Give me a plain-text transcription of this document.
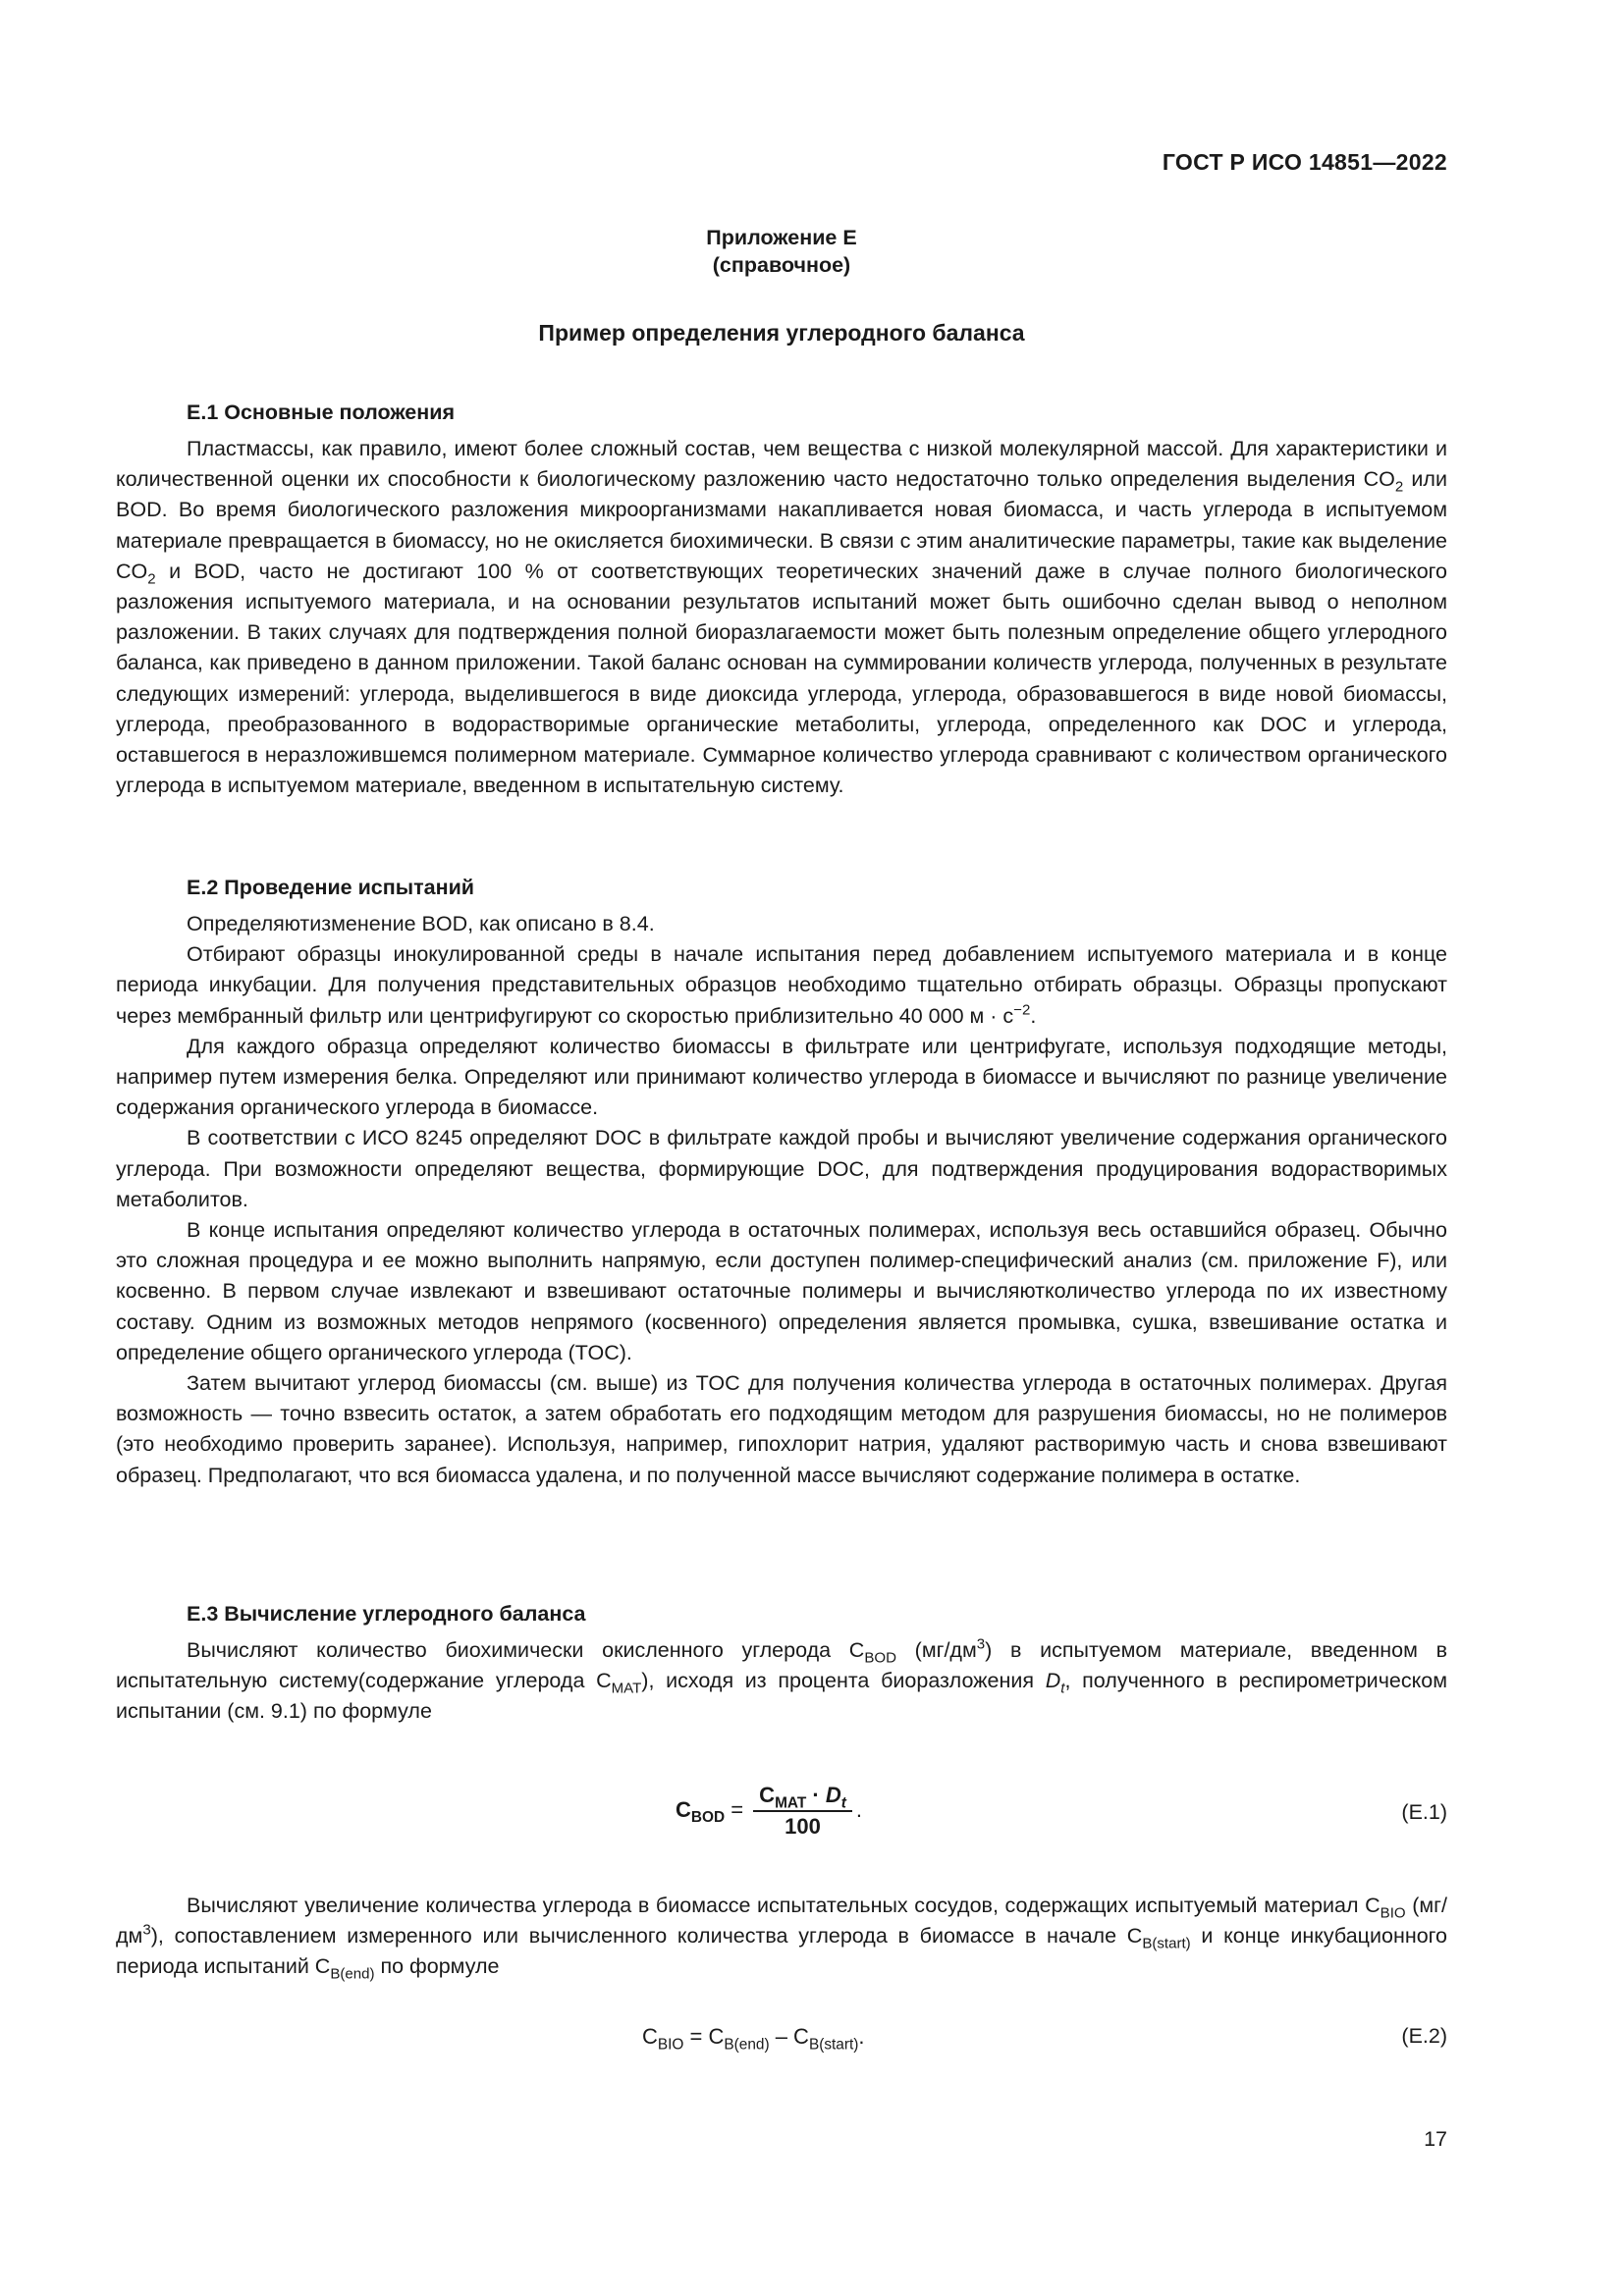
ГОСТ Р ИСО 14851—2022
Приложение Е
(справочное)
Пример определения углеродного баланса
Е.1 Основные положения

Пластмассы, как правило, имеют более сложный состав, чем вещества с низкой молекулярной массой. Для характеристики и количественной оценки их способности к биологическому разложению часто недостаточно только определения выделения $CO_2$ или BOD. Во время биологического разложения микроорганизмами накапливается новая биомасса, и часть углерода в испытуемом материале превращается в биомассу, но не окисляется биохимически. В связи с этим аналитические параметры, такие как выделение $CO_2$ и BOD, часто не достигают 100 % от соответствующих теоретических значений даже в случае полного биологического разложения испытуемого материала, и на основании результатов испытаний может быть ошибочно сделан вывод о неполном разложении. В таких случаях для подтверждения полной биоразлагаемости может быть полезным определение общего углеродного баланса, как приведено в данном приложении. Такой баланс основан на суммировании количеств углерода, полученных в результате следующих измерений: углерода, выделившегося в виде диоксида углерода, углерода, образовавшегося в виде новой биомассы, углерода, преобразованного в водорастворимые органические метаболиты, углерода, определенного как DOC и углерода, оставшегося в неразложившемся полимерном материале. Суммарное количество углерода сравнивают с количеством органического углерода в испытуемом материале, введенном в испытательную систему.

Е.2 Проведение испытаний

Определяютизменение BOD, как описано в 8.4.

Отбирают образцы инокулированной среды в начале испытания перед добавлением испытуемого материала и в конце периода инкубации. Для получения представительных образцов необходимо тщательно отбирать образцы. Образцы пропускают через мембранный фильтр или центрифугируют со скоростью приблизительно 40 000 $м \cdot с^{-2}$.

Для каждого образца определяют количество биомассы в фильтрате или центрифугате, используя подходящие методы, например путем измерения белка. Определяют или принимают количество углерода в биомассе и вычисляют по разнице увеличение содержания органического углерода в биомассе.

В соответствии с ИСО 8245 определяют DOC в фильтрате каждой пробы и вычисляют увеличение содержания органического углерода. При возможности определяют вещества, формирующие DOC, для подтверждения продуцирования водорастворимых метаболитов.

В конце испытания определяют количество углерода в остаточных полимерах, используя весь оставшийся образец. Обычно это сложная процедура и ее можно выполнить напрямую, если доступен полимер-специфический анализ (см. приложение F), или косвенно. В первом случае извлекают и взвешивают остаточные полимеры и вычисляютколичество углерода по их известному составу. Одним из возможных методов непрямого (косвенного) определения является промывка, сушка, взвешивание остатка и определение общего органического углерода (TOC).

Затем вычитают углерод биомассы (см. выше) из TOC для получения количества углерода в остаточных полимерах. Другая возможность — точно взвесить остаток, а затем обработать его подходящим методом для разрушения биомассы, но не полимеров (это необходимо проверить заранее). Используя, например, гипохлорит натрия, удаляют растворимую часть и снова взвешивают образец. Предполагают, что вся биомасса удалена, и по полученной массе вычисляют содержание полимера в остатке.

Е.3 Вычисление углеродного баланса

Вычисляют количество биохимически окисленного углерода $C_{BOD}$ $(мг/дм^3)$ в испытуемом материале, введенном в испытательную систему(содержание углерода $C_{MAT}$), исходя из процента биоразложения $D_t$, полученного в респирометрическом испытании (см. 9.1) по формуле

$C_{BOD} = \frac{C_{MAT} \cdot D_t}{100}$ .	(Е.1)

Вычисляют увеличение количества углерода в биомассе испытательных сосудов, содержащих испытуемый материал $C_{BIO}$ $(мг/дм^3)$, сопоставлением измеренного или вычисленного количества углерода в биомассе в начале $C_{B(start)}$ и конце инкубационного периода испытаний $C_{B(end)}$ по формуле

$C_{BIO} = C_{B(end)} - C_{B(start)}$.	(Е.2)
17
